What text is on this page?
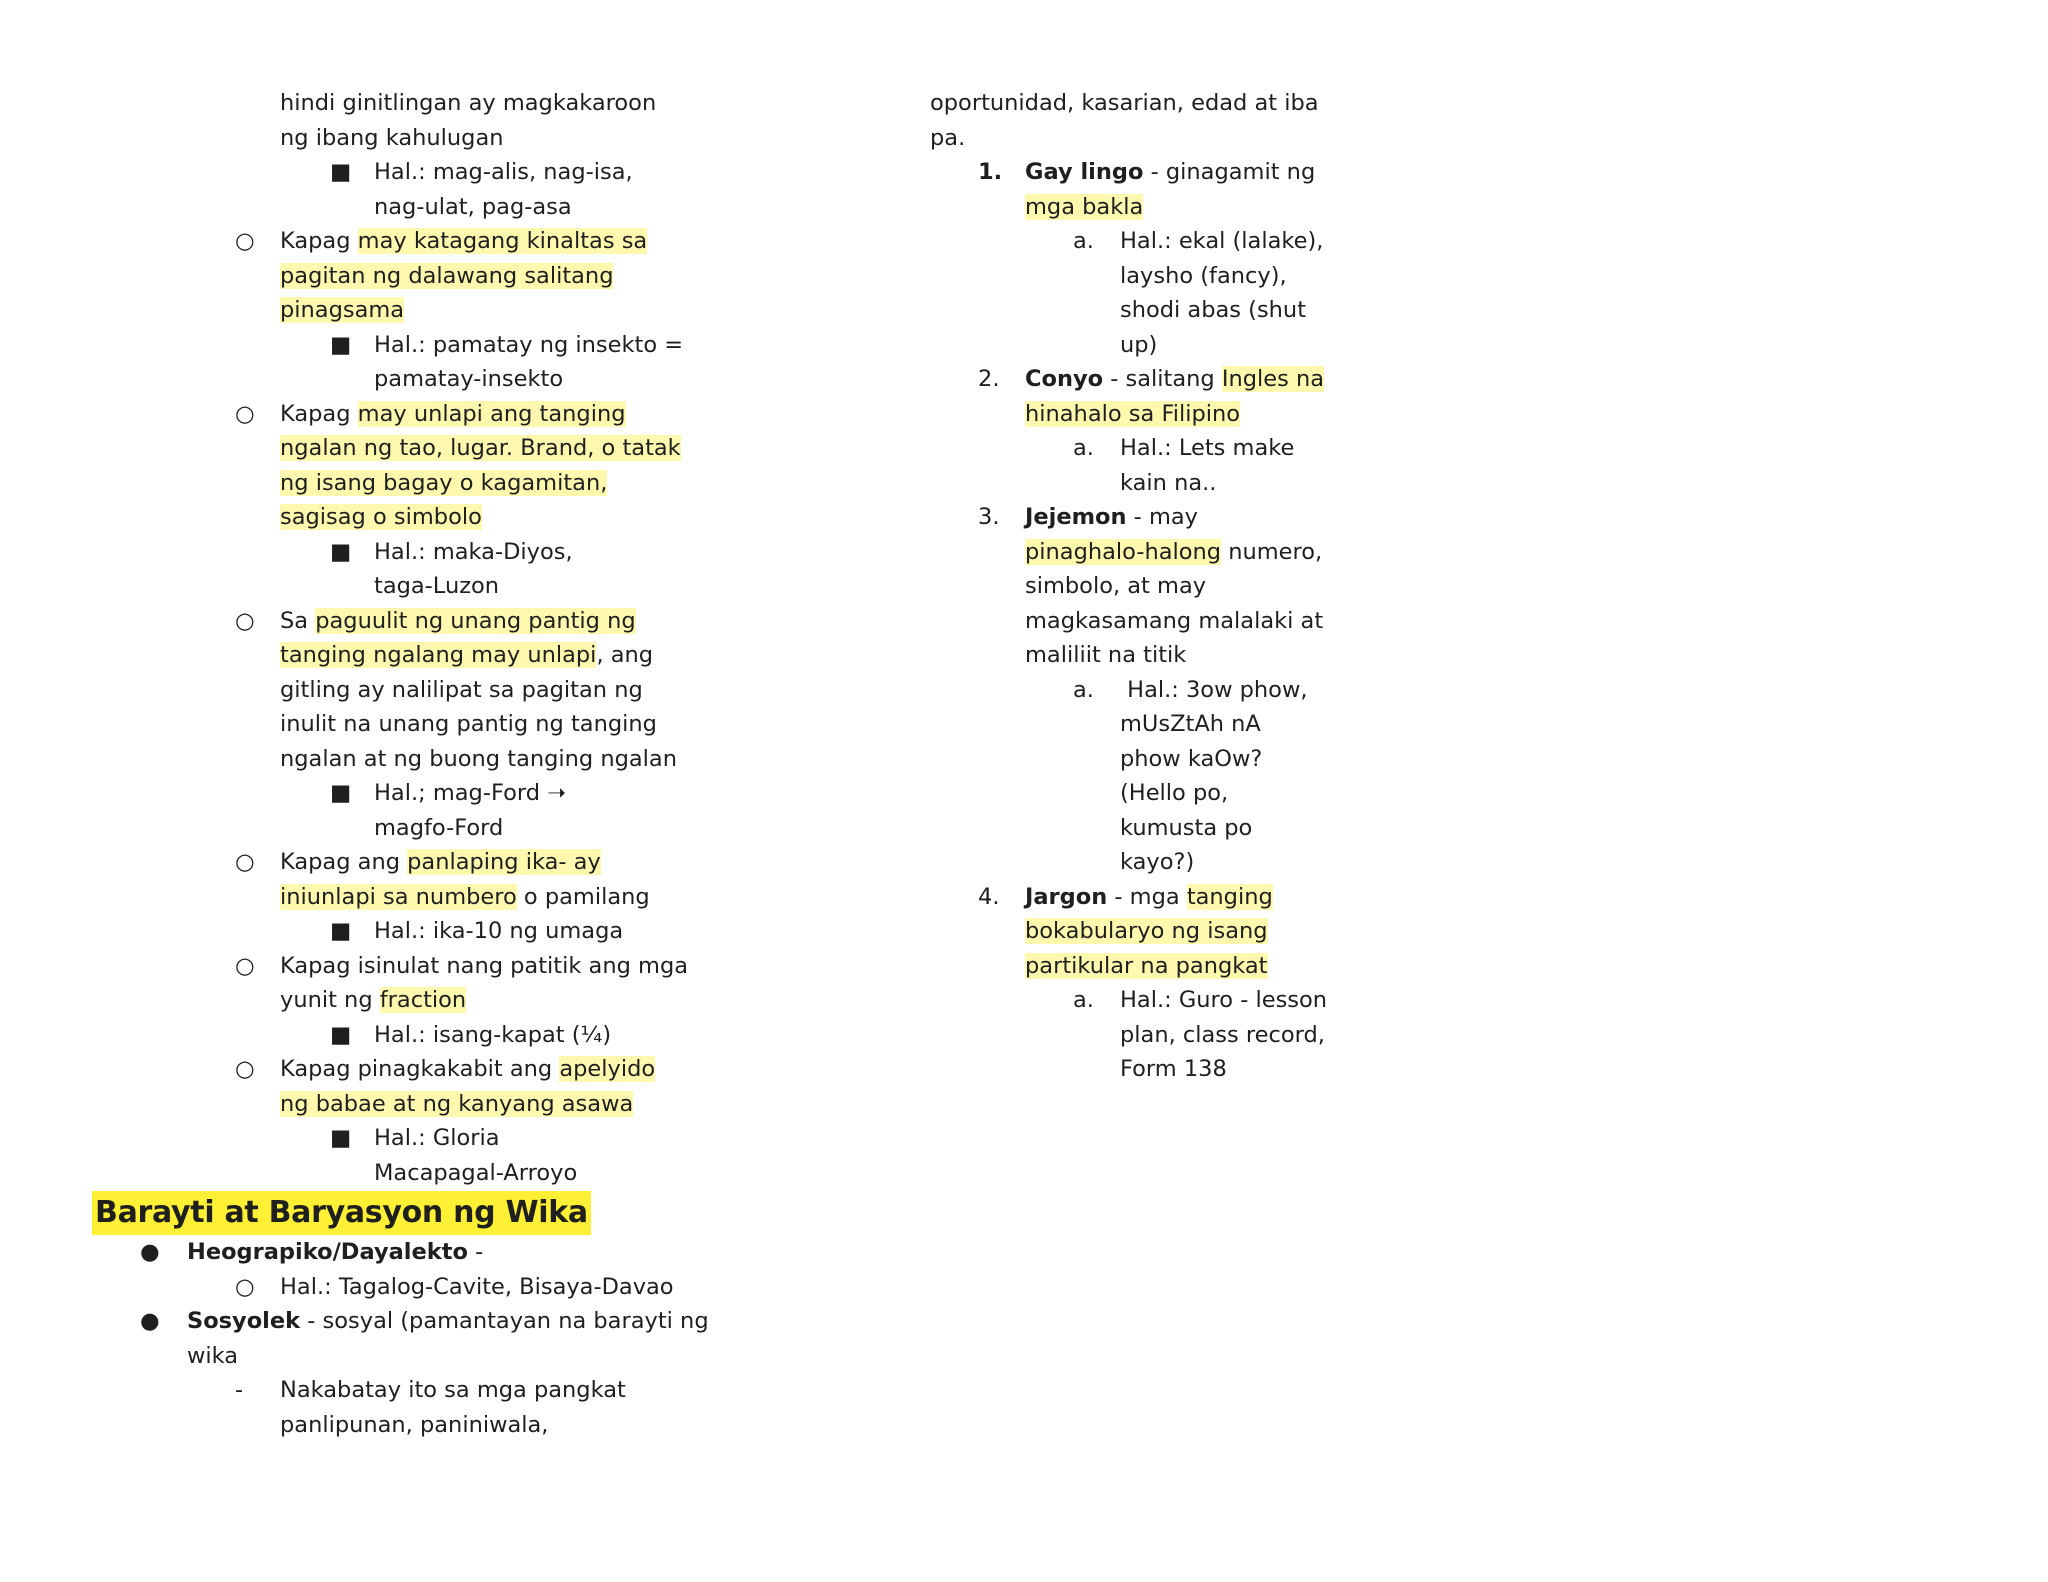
hindi ginitlingan ay magkakaroon
ng ibang kahulugan
■ Hal.: mag-alis, nag-isa,
nag-ulat, pag-asa
○ Kapag may katagang kinaltas sa
pagitan ng dalawang salitang
pinagsama
■ Hal.: pamatay ng insekto =
pamatay-insekto
○ Kapag may unlapi ang tanging
ngalan ng tao, lugar. Brand, o tatak
ng isang bagay o kagamitan,
sagisag o simbolo
■ Hal.: maka-Diyos,
taga-Luzon
○ Sa paguulit ng unang pantig ng
tanging ngalang may unlapi, ang
gitling ay nalilipat sa pagitan ng
inulit na unang pantig ng tanging
ngalan at ng buong tanging ngalan
■ Hal.; mag-Ford ➝
magfo-Ford
○ Kapag ang panlaping ika- ay
iniunlapi sa numbero o pamilang
■ Hal.: ika-10 ng umaga
○ Kapag isinulat nang patitik ang mga
yunit ng fraction
■ Hal.: isang-kapat (¼)
○ Kapag pinagkakabit ang apelyido
ng babae at ng kanyang asawa
■ Hal.: Gloria
Macapagal-Arroyo
Barayti at Baryasyon ng Wika
● Heograpiko/Dayalekto -
○ Hal.: Tagalog-Cavite, Bisaya-Davao
● Sosyolek - sosyal (pamantayan na barayti ng
wika
- Nakabatay ito sa mga pangkat
panlipunan, paniniwala,
oportunidad, kasarian, edad at iba
pa.
1. Gay lingo - ginagamit ng
mga bakla
a. Hal.: ekal (lalake),
laysho (fancy),
shodi abas (shut
up)
2. Conyo - salitang Ingles na
hinahalo sa Filipino
a. Hal.: Lets make
kain na..
3. Jejemon - may
pinaghalo-halong numero,
simbolo, at may
magkasamang malalaki at
maliliit na titik
a. Hal.: 3ow phow,
mUsZtAh nA
phow kaOw?
(Hello po,
kumusta po
kayo?)
4. Jargon - mga tanging
bokabularyo ng isang
partikular na pangkat
a. Hal.: Guro - lesson
plan, class record,
Form 138
